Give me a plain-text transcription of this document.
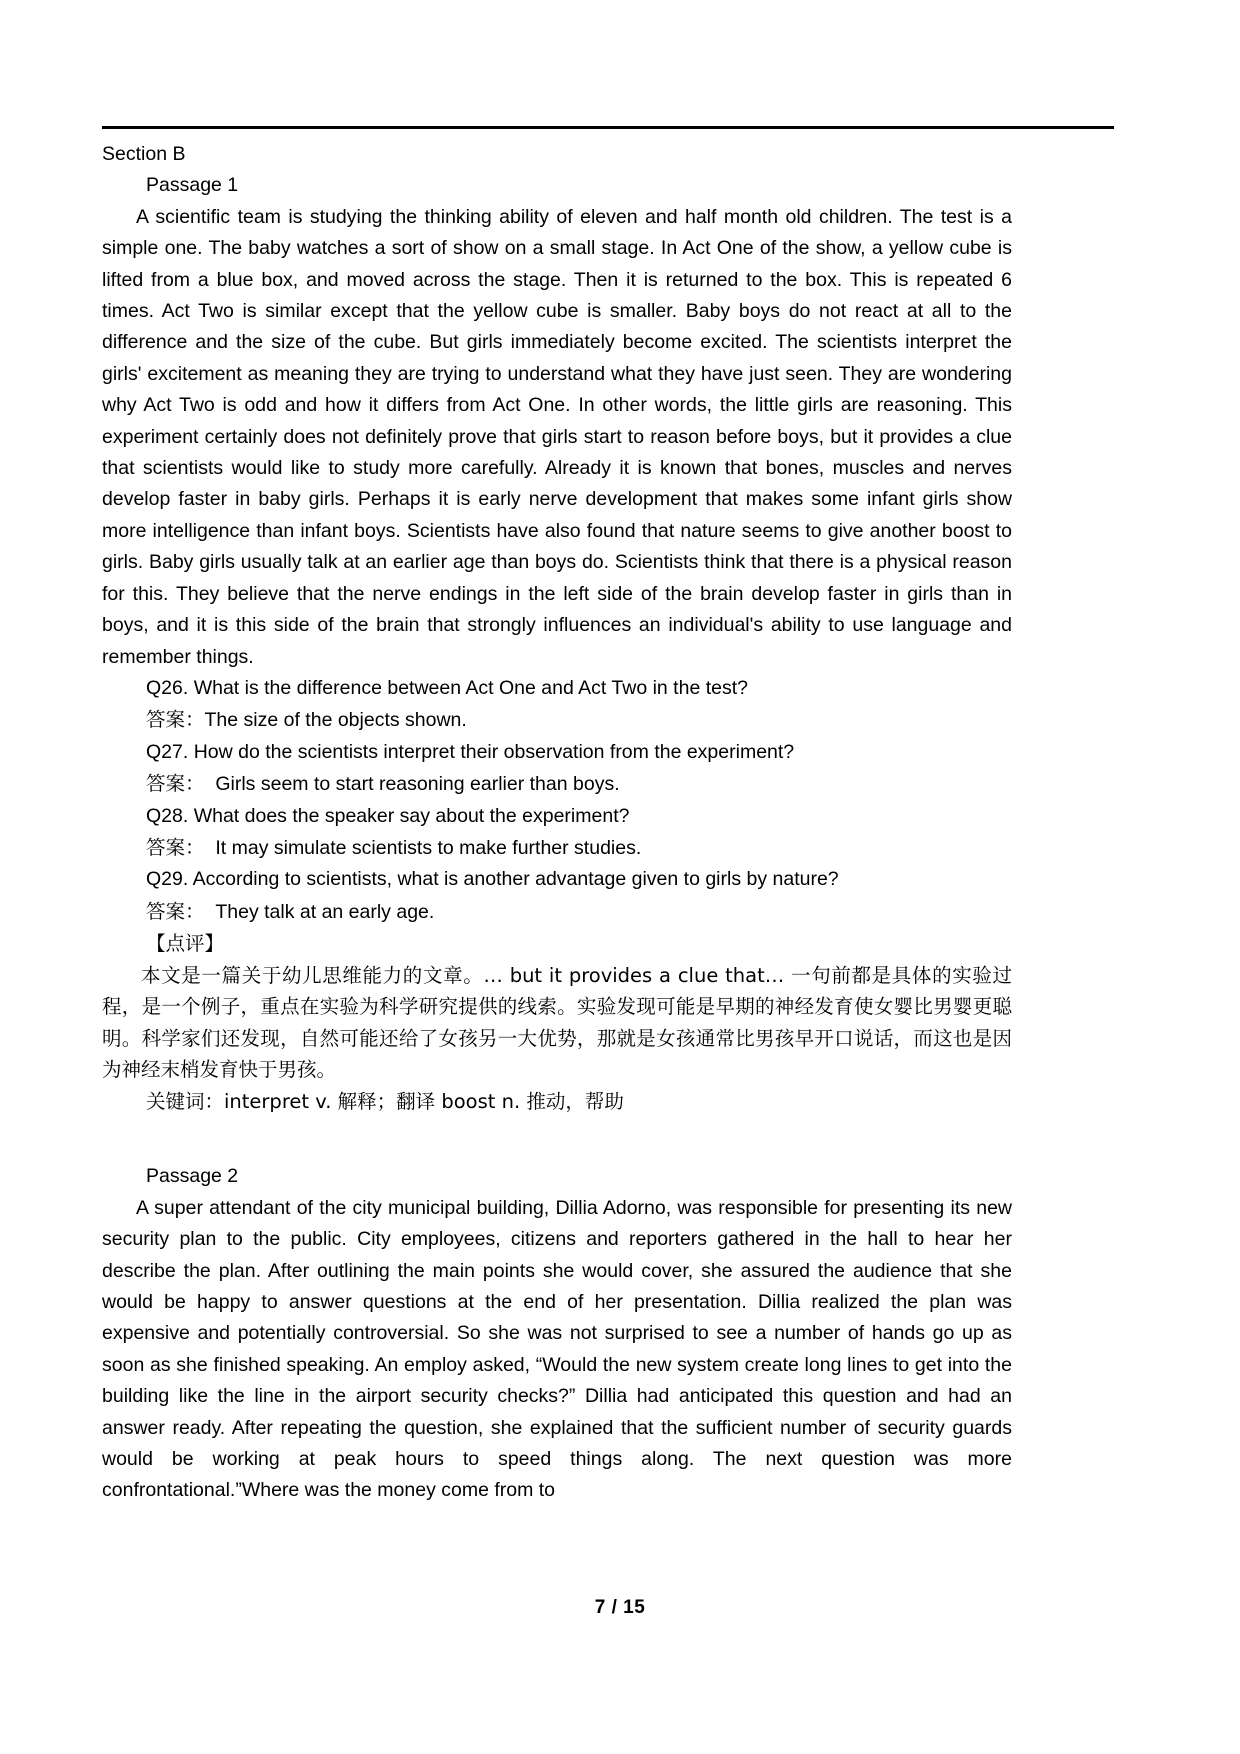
Section B

Passage 1

A scientific team is studying the thinking ability of eleven and half month old children. The test is a simple one. The baby watches a sort of show on a small stage. In Act One of the show, a yellow cube is lifted from a blue box, and moved across the stage. Then it is returned to the box. This is repeated 6 times. Act Two is similar except that the yellow cube is smaller. Baby boys do not react at all to the difference and the size of the cube. But girls immediately become excited. The scientists interpret the girls' excitement as meaning they are trying to understand what they have just seen. They are wondering why Act Two is odd and how it differs from Act One. In other words, the little girls are reasoning. This experiment certainly does not definitely prove that girls start to reason before boys, but it provides a clue that scientists would like to study more carefully. Already it is known that bones, muscles and nerves develop faster in baby girls. Perhaps it is early nerve development that makes some infant girls show more intelligence than infant boys. Scientists have also found that nature seems to give another boost to girls. Baby girls usually talk at an earlier age than boys do. Scientists think that there is a physical reason for this. They believe that the nerve endings in the left side of the brain develop faster in girls than in boys, and it is this side of the brain that strongly influences an individual's ability to use language and remember things.

Q26. What is the difference between Act One and Act Two in the test?

答案：The size of the objects shown.

Q27. How do the scientists interpret their observation from the experiment?

答案：  Girls seem to start reasoning earlier than boys.

Q28. What does the speaker say about the experiment?

答案：  It may simulate scientists to make further studies.

Q29. According to scientists, what is another advantage given to girls by nature?

答案：  They talk at an early age.

【点评】

本文是一篇关于幼儿思维能力的文章。… but it provides a clue that… 一句前都是具体的实验过程，是一个例子，重点在实验为科学研究提供的线索。实验发现可能是早期的神经发育使女婴比男婴更聪明。科学家们还发现，自然可能还给了女孩另一大优势，那就是女孩通常比男孩早开口说话，而这也是因为神经末梢发育快于男孩。

关键词：interpret v. 解释；翻译 boost n. 推动，帮助

Passage 2

A super attendant of the city municipal building, Dillia Adorno, was responsible for presenting its new security plan to the public. City employees, citizens and reporters gathered in the hall to hear her describe the plan. After outlining the main points she would cover, she assured the audience that she would be happy to answer questions at the end of her presentation. Dillia realized the plan was expensive and potentially controversial. So she was not surprised to see a number of hands go up as soon as she finished speaking. An employ asked, “Would the new system create long lines to get into the building like the line in the airport security checks?” Dillia had anticipated this question and had an answer ready. After repeating the question, she explained that the sufficient number of security guards would be working at peak hours to speed things along. The next question was more confrontational.”Where was the money come from to

7 / 15
